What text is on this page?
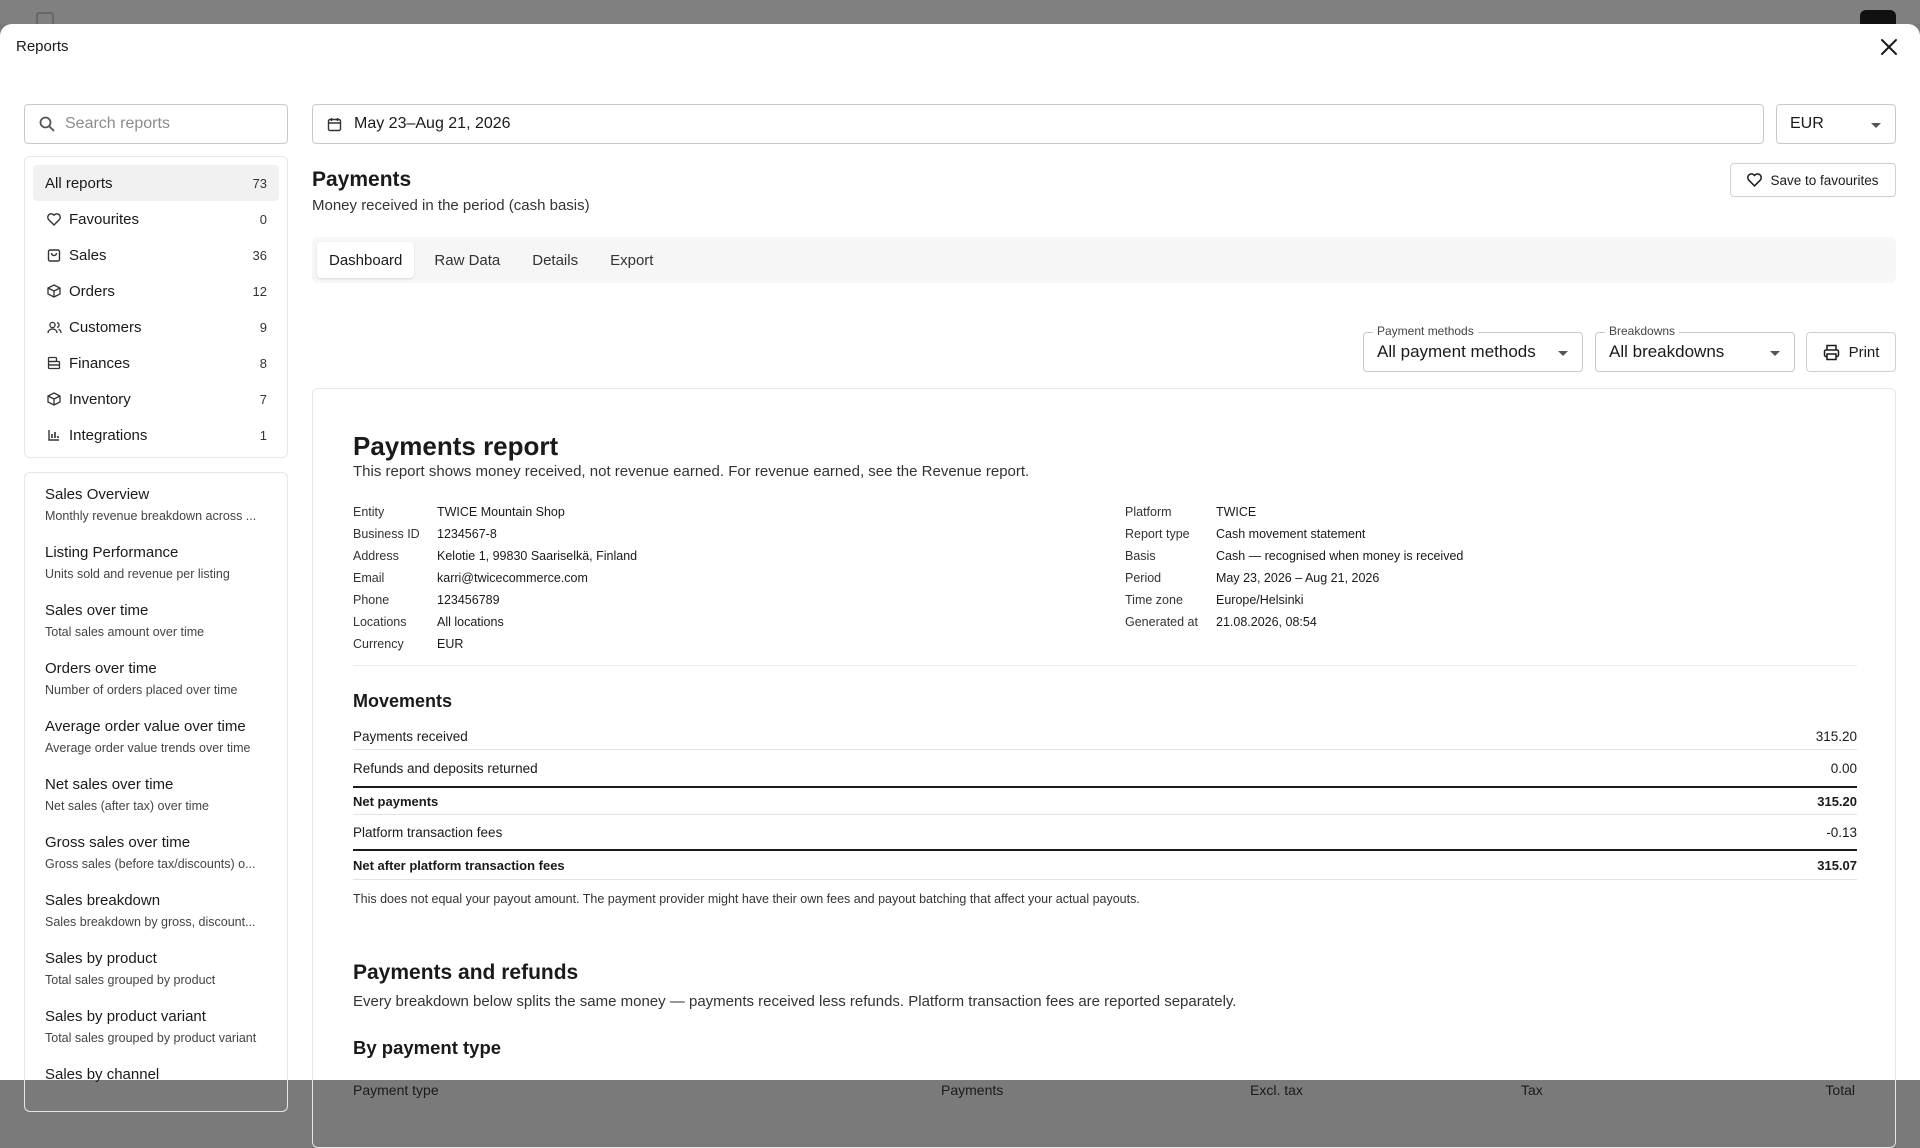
Reports
Search reports
All reports	73
Favourites	0
Sales	36
Orders	12
Customers	9
Finances	8
Inventory	7
Integrations	1
Sales Overview
Monthly revenue breakdown across ...
Listing Performance
Units sold and revenue per listing
Sales over time
Total sales amount over time
Orders over time
Number of orders placed over time
Average order value over time
Average order value trends over time
Net sales over time
Net sales (after tax) over time
Gross sales over time
Gross sales (before tax/discounts) o...
Sales breakdown
Sales breakdown by gross, discount...
Sales by product
Total sales grouped by product
Sales by product variant
Total sales grouped by product variant
Sales by channel
May 23–Aug 21, 2026	EUR
Payments
Money received in the period (cash basis)
Save to favourites
Dashboard	Raw Data	Details	Export
Payment methods
All payment methods
Breakdowns
All breakdowns	Print
Payments report
This report shows money received, not revenue earned. For revenue earned, see the Revenue report.
Entity	TWICE Mountain Shop
Business ID	1234567-8
Address	Kelotie 1, 99830 Saariselkä, Finland
Email	karri@twicecommerce.com
Phone	123456789
Locations	All locations
Currency	EUR
Platform	TWICE
Report type	Cash movement statement
Basis	Cash — recognised when money is received
Period	May 23, 2026 – Aug 21, 2026
Time zone	Europe/Helsinki
Generated at	21.08.2026, 08:54
Movements
Payments received	315.20
Refunds and deposits returned	0.00
Net payments	315.20
Platform transaction fees	-0.13
Net after platform transaction fees	315.07
This does not equal your payout amount. The payment provider might have their own fees and payout batching that affect your actual payouts.
Payments and refunds
Every breakdown below splits the same money — payments received less refunds. Platform transaction fees are reported separately.
By payment type
Payment type	Payments	Excl. tax	Tax	Total
